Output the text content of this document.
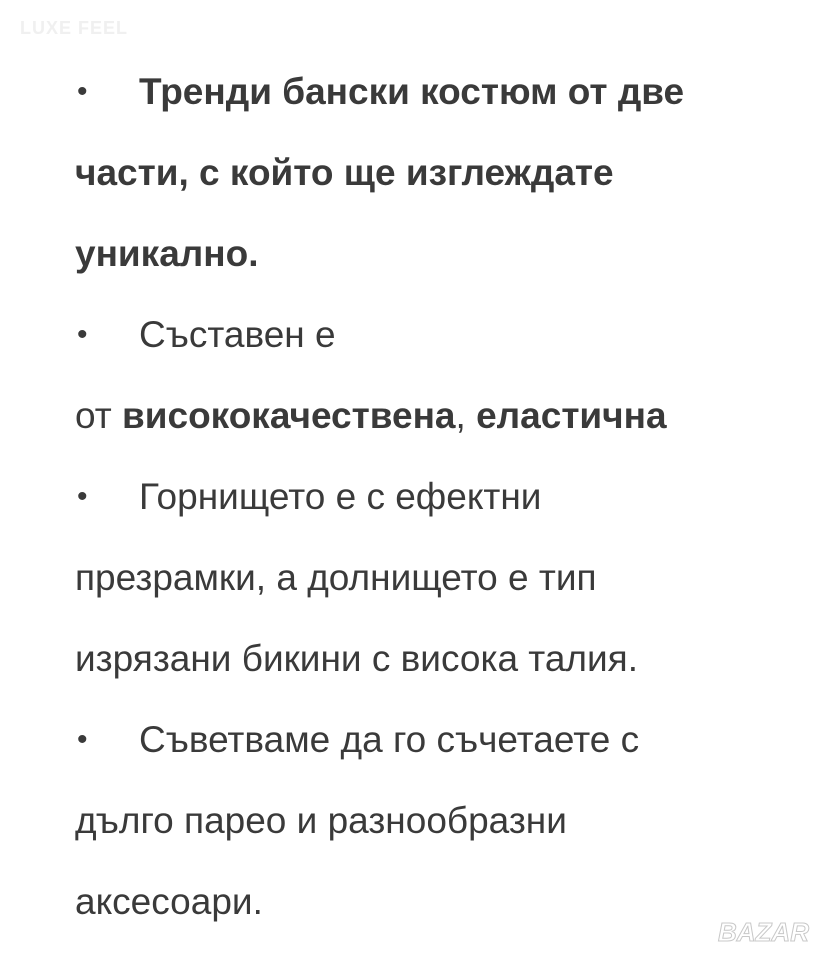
LUXE FEEL
• Тренди бански костюм от две
части, с който ще изглеждате
уникално.
• Съставен е
от висококачествена, еластична
• Горнището е с ефектни
презрамки, а долнището е тип
изрязани бикини с висока талия.
• Съветваме да го съчетаете с
дълго парео и разнообразни
аксесоари.
BAZAR
